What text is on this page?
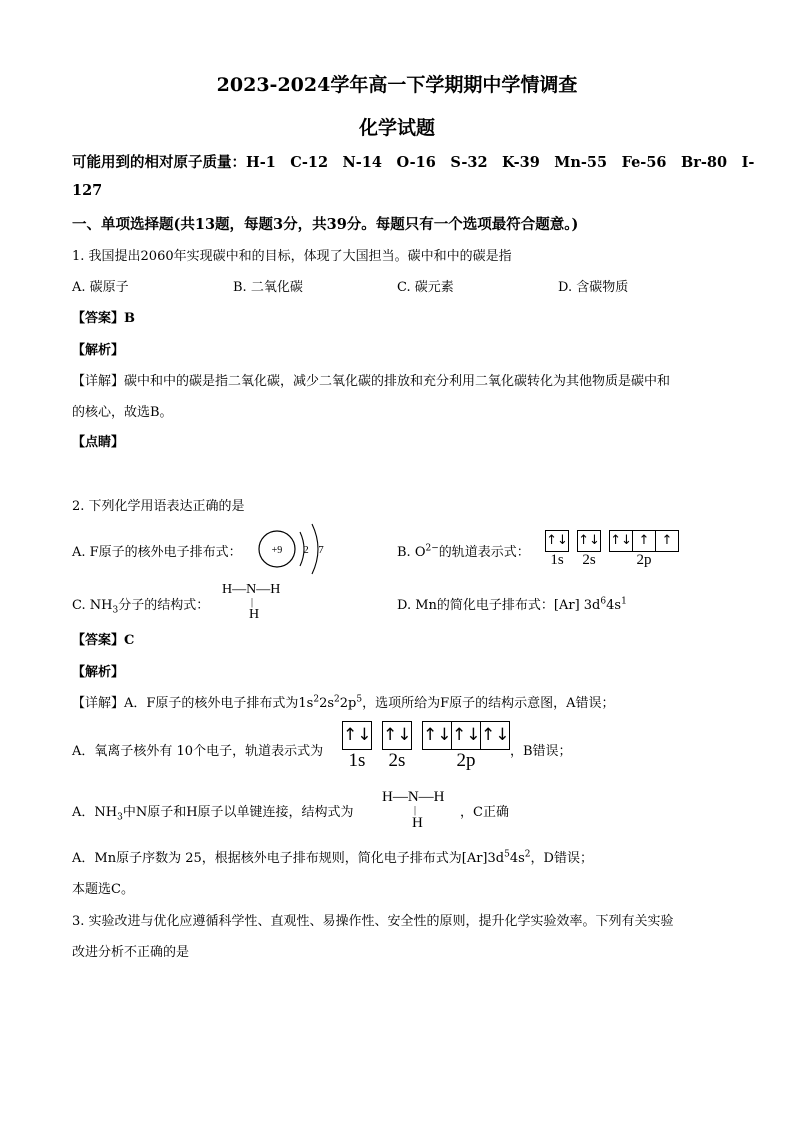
2023-2024学年高一下学期期中学情调查
化学试题
可能用到的相对原子质量：H-1　C-12　N-14　O-16　S-32　K-39　Mn-55　Fe-56　Br-80　I-
127
一、单项选择题(共13题，每题3分，共39分。每题只有一个选项最符合题意。)
1. 我国提出2060年实现碳中和的目标，体现了大国担当。碳中和中的碳是指
A. 碳原子	B. 二氧化碳	C. 碳元素	D. 含碳物质
【答案】B
【解析】
【详解】碳中和中的碳是指二氧化碳，减少二氧化碳的排放和充分利用二氧化碳转化为其他物质是碳中和
的核心，故选B。
【点睛】
2. 下列化学用语表达正确的是
A. F原子的核外电子排布式：	+9 2 7	B. $O^{2-}$的轨道表示式：
↑↓
1s
↑↓
2s
↑↓ ↑ ↑
2p
C. $NH_3$分子的结构式：
H—N—H
|
H
D. Mn的简化电子排布式：[Ar] $3d^64s^1$
【答案】C
【解析】
【详解】A．F原子的核外电子排布式为$1s^22s^22p^5$，选项所给为F原子的结构示意图，A错误；
A．氧离子核外有 10个电子，轨道表示式为
↑↓
1s
↑↓
2s
↑↓ ↑↓ ↑↓
2p	，B错误；
A．$NH_3$中N原子和H原子以单键连接，结构式为
H—N—H
|
H
，C正确
A．Mn原子序数为 25，根据核外电子排布规则，简化电子排布式为$[Ar]3d^54s^2$，D错误；
本题选C。
3. 实验改进与优化应遵循科学性、直观性、易操作性、安全性的原则，提升化学实验效率。下列有关实验
改进分析不正确的是
